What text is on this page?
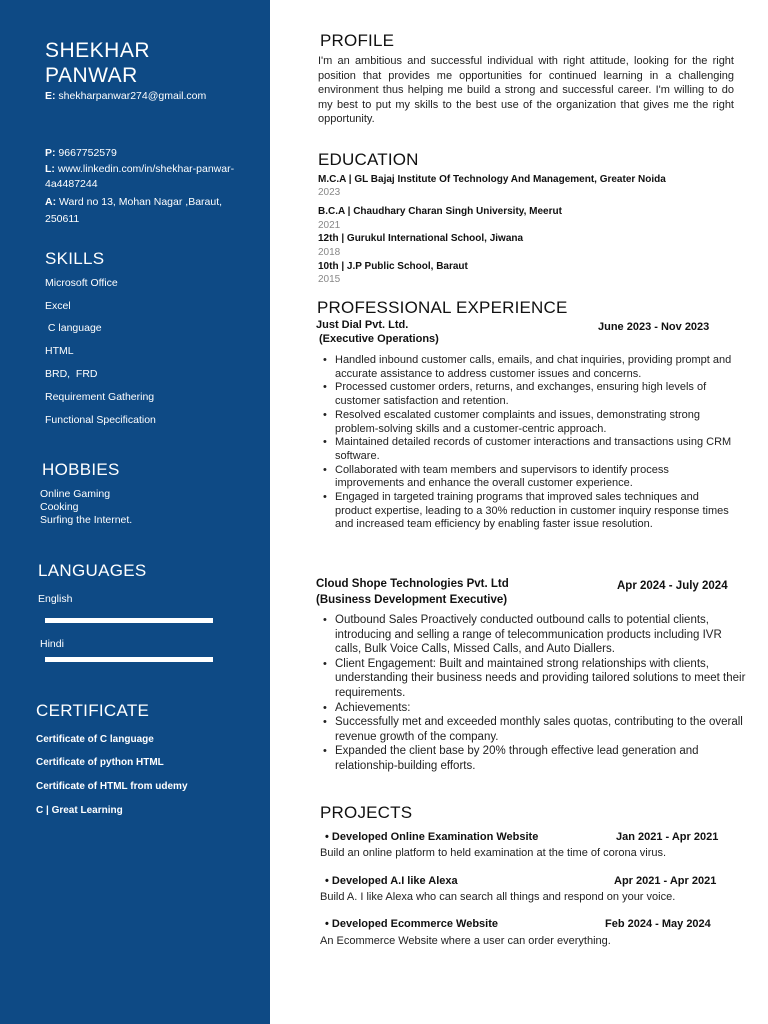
SHEKHAR PANWAR
E: shekharpanwar274@gmail.com
P: 9667752579
L: www.linkedin.com/in/shekhar-panwar-
4a4487244
A: Ward no 13, Mohan Nagar ,Baraut,
250611
SKILLS
Microsoft Office
Excel
C language
HTML
BRD,  FRD
Requirement Gathering
Functional Specification
HOBBIES
Online Gaming
Cooking
Surfing the Internet.
LANGUAGES
English
Hindi
CERTIFICATE
Certificate of C language
Certificate of python HTML
Certificate of HTML from udemy
C | Great Learning
PROFILE
I'm an ambitious and successful individual with right attitude, looking for the right position that provides me opportunities for continued learning in a challenging environment thus helping me build a strong and successful career. I'm willing to do my best to put my skills to the best use of the organization that gives me the right opportunity.
EDUCATION
M.C.A | GL Bajaj Institute Of Technology And Management, Greater Noida
2023
B.C.A | Chaudhary Charan Singh University, Meerut
2021
12th | Gurukul International School, Jiwana
2018
10th | J.P Public School, Baraut
2015
PROFESSIONAL EXPERIENCE
Just Dial Pvt. Ltd.
(Executive Operations)
June 2023 - Nov 2023
• Handled inbound customer calls, emails, and chat inquiries, providing prompt and accurate assistance to address customer issues and concerns.
• Processed customer orders, returns, and exchanges, ensuring high levels of customer satisfaction and retention.
• Resolved escalated customer complaints and issues, demonstrating strong problem-solving skills and a customer-centric approach.
• Maintained detailed records of customer interactions and transactions using CRM software.
• Collaborated with team members and supervisors to identify process improvements and enhance the overall customer experience.
• Engaged in targeted training programs that improved sales techniques and product expertise, leading to a 30% reduction in customer inquiry response times and increased team efficiency by enabling faster issue resolution.
Cloud Shope Technologies Pvt. Ltd
(Business Development Executive)
Apr 2024 - July 2024
• Outbound Sales Proactively conducted outbound calls to potential clients, introducing and selling a range of telecommunication products including IVR calls, Bulk Voice Calls, Missed Calls, and Auto Diallers.
• Client Engagement: Built and maintained strong relationships with clients, understanding their business needs and providing tailored solutions to meet their requirements.
• Achievements:
• Successfully met and exceeded monthly sales quotas, contributing to the overall revenue growth of the company.
• Expanded the client base by 20% through effective lead generation and relationship-building efforts.
PROJECTS
• Developed Online Examination Website	Jan 2021 - Apr 2021
Build an online platform to held examination at the time of corona virus.
• Developed A.I like Alexa	Apr 2021 - Apr 2021
Build A. I like Alexa who can search all things and respond on your voice.
• Developed Ecommerce Website	Feb 2024 - May 2024
An Ecommerce Website where a user can order everything.
